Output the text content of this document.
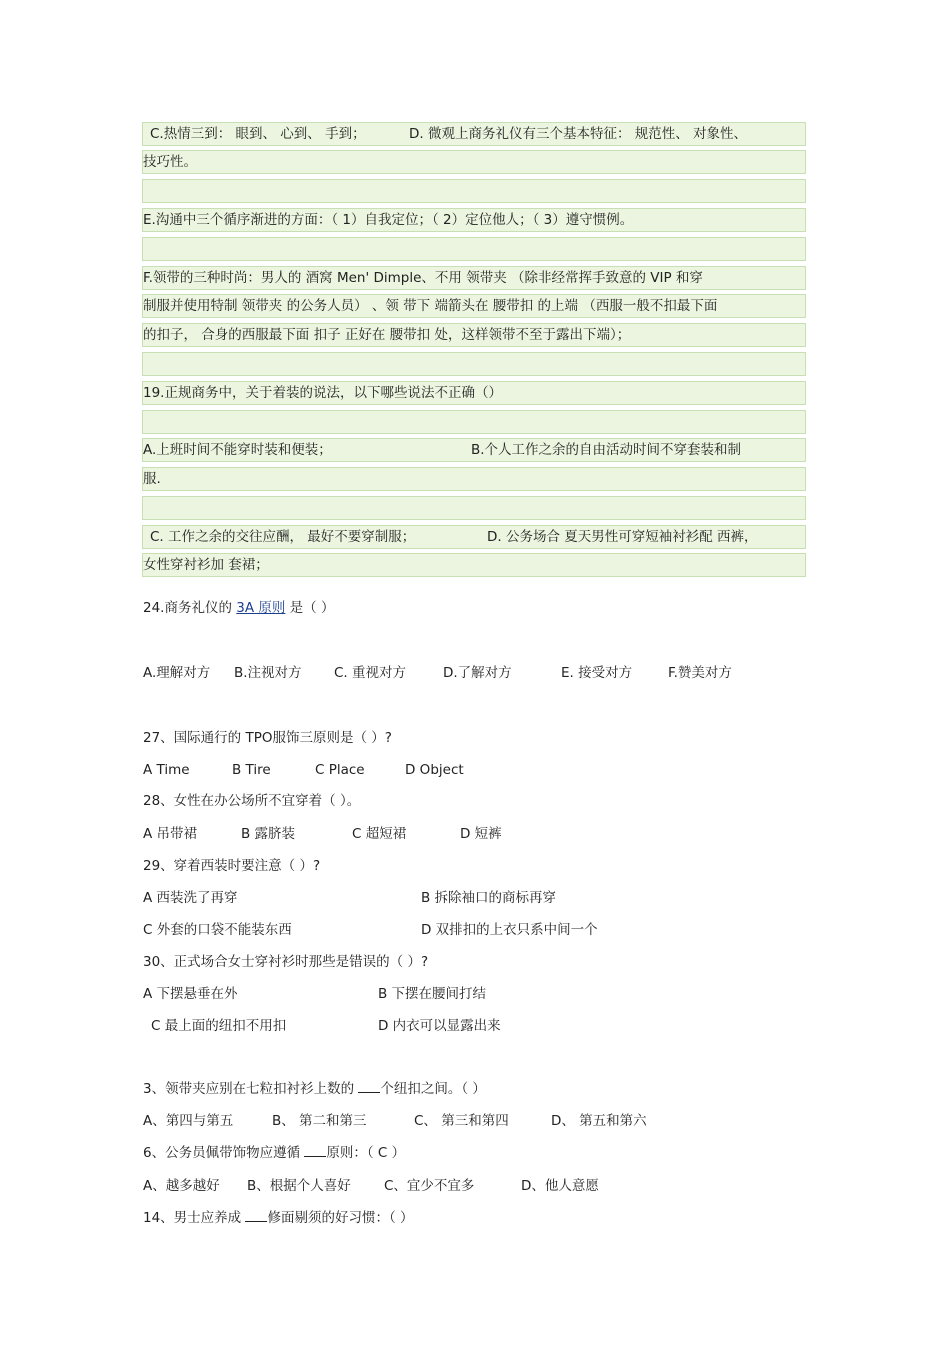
C.热情三到： 眼到、 心到、 手到；	D. 微观上商务礼仪有三个基本特征： 规范性、 对象性、
技巧性。
E.沟通中三个循序渐进的方面：（ 1）自我定位；（ 2）定位他人；（ 3）遵守惯例。
F.领带的三种时尚：男人的 酒窝 Men' Dimple、不用 领带夹 （除非经常挥手致意的 VIP 和穿
制服并使用特制 领带夹 的公务人员） 、领 带下 端箭头在 腰带扣 的上端 （西服一般不扣最下面
的扣子， 合身的西服最下面 扣子 正好在 腰带扣 处，这样领带不至于露出下端）；
19.正规商务中，关于着装的说法，以下哪些说法不正确（）
A.上班时间不能穿时装和便装；	B.个人工作之余的自由活动时间不穿套装和制
服.
C. 工作之余的交往应酬， 最好不要穿制服；	D. 公务场合 夏天男性可穿短袖衬衫配 西裤，
女性穿衬衫加 套裙；
24.商务礼仪的 3A 原则 是（ ）
A.理解对方 B.注视对方 C. 重视对方	D.了解对方	E. 接受对方	F.赞美对方
27、国际通行的 TPO服饰三原则是（ ）?
A Time	B Tire	C Place	D Object
28、女性在办公场所不宜穿着（ ）。
A 吊带裙	B 露脐装	C 超短裙	D 短裤
29、穿着西装时要注意（ ）?
A 西装洗了再穿	B 拆除袖口的商标再穿
C 外套的口袋不能装东西	D 双排扣的上衣只系中间一个
30、正式场合女士穿衬衫时那些是错误的（ ）?
A 下摆悬垂在外	B 下摆在腰间打结
C 最上面的纽扣不用扣	D 内衣可以显露出来
3、领带夹应别在七粒扣衬衫上数的 个纽扣之间。（ ）
A、第四与第五	B、 第二和第三	C、 第三和第四	D、 第五和第六
6、公务员佩带饰物应遵循 原则：（ C ）
A、越多越好 B、根据个人喜好 C、宜少不宜多	D、他人意愿
14、男士应养成 修面剔须的好习惯：（ ）
